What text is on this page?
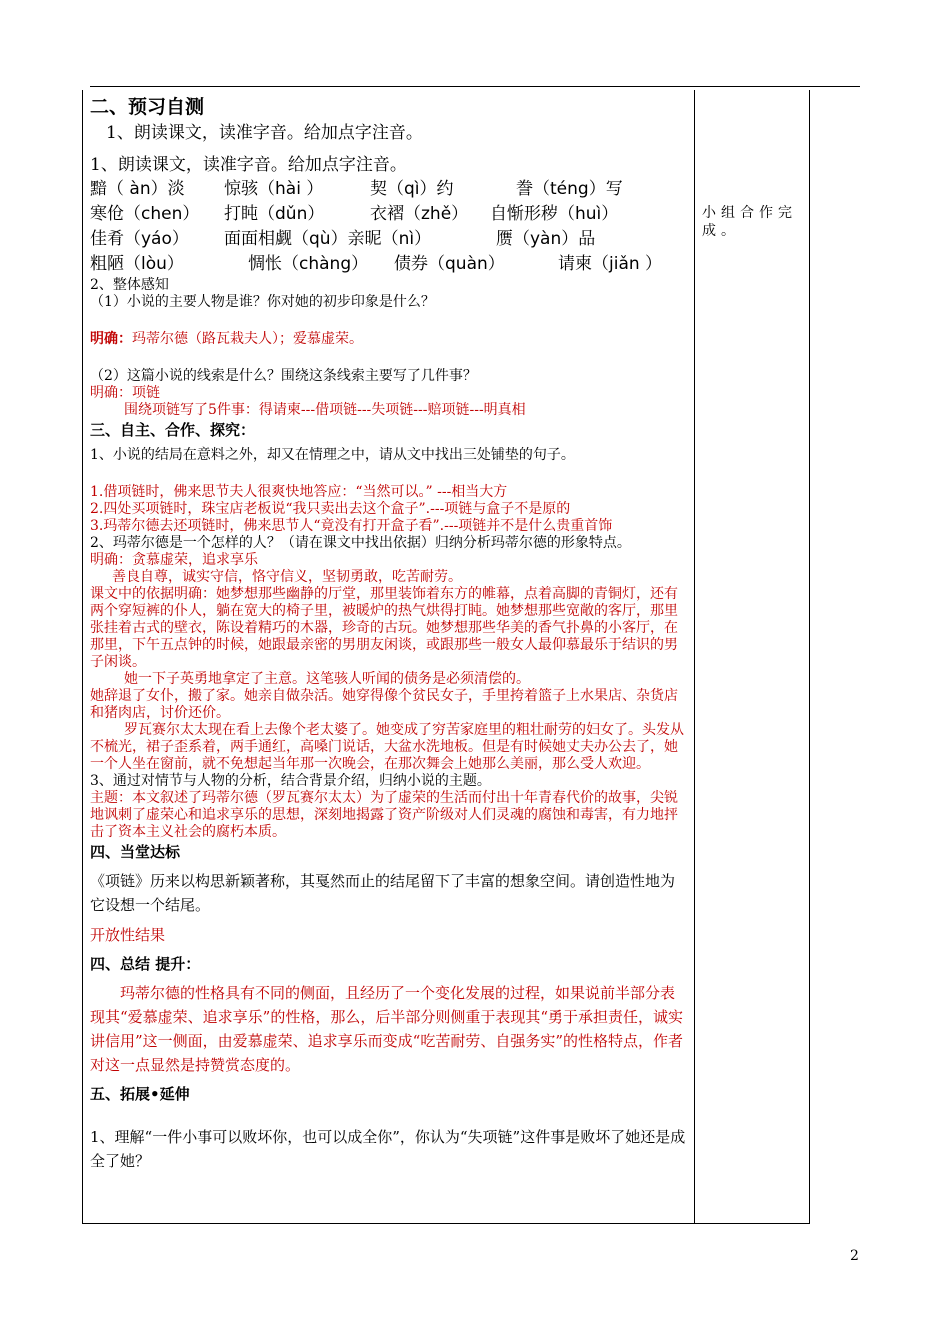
二、预习自测
1、朗读课文，读准字音。给加点字注音。
1、朗读课文，读准字音。给加点字注音。
黯（ àn）淡 惊骇（hài ）	契（qì）约	誊（téng）写
寒伧（chen） 打盹（dǔn）	衣褶（zhě） 自惭形秽（huì）
佳肴（yáo） 面面相觑（qù）亲昵（nì）	赝（yàn）品
粗陋（lòu）	惆怅（chàng） 债券（quàn）	请柬（jiǎn ）
2、整体感知
（1）小说的主要人物是谁？你对她的初步印象是什么？
明确：玛蒂尔德（路瓦栽夫人）；爱慕虚荣。
（2）这篇小说的线索是什么？围绕这条线索主要写了几件事？
明确：项链
围绕项链写了5件事：得请柬---借项链---失项链---赔项链---明真相
三、自主、合作、探究：
1、小说的结局在意料之外，却又在情理之中，请从文中找出三处铺垫的句子。
1.借项链时，佛来思节夫人很爽快地答应：“当然可以。” ---相当大方
2.四处买项链时，珠宝店老板说“我只卖出去这个盒子”.---项链与盒子不是原的
3.玛蒂尔德去还项链时，佛来思节人“竟没有打开盒子看”.---项链并不是什么贵重首饰
2、玛蒂尔德是一个怎样的人？（请在课文中找出依据）归纳分析玛蒂尔德的形象特点。
明确：贪慕虚荣，追求享乐
善良自尊，诚实守信，恪守信义，坚韧勇敢，吃苦耐劳。
课文中的依据明确：她梦想那些幽静的厅堂，那里装饰着东方的帷幕，点着高脚的青铜灯，还有两个穿短裤的仆人，躺在宽大的椅子里，被暖炉的热气烘得打盹。她梦想那些宽敞的客厅，那里张挂着古式的壁衣，陈设着精巧的木器，珍奇的古玩。她梦想那些华美的香气扑鼻的小客厅，在那里，下午五点钟的时候，她跟最亲密的男朋友闲谈，或跟那些一般女人最仰慕最乐于结识的男子闲谈。
她一下子英勇地拿定了主意。这笔骇人听闻的债务是必须清偿的。
她辞退了女仆，搬了家。她亲自做杂活。她穿得像个贫民女子，手里挎着篮子上水果店、杂货店和猪肉店，讨价还价。
罗瓦赛尔太太现在看上去像个老太婆了。她变成了穷苦家庭里的粗壮耐劳的妇女了。头发从不梳光，裙子歪系着，两手通红，高嗓门说话，大盆水洗地板。但是有时候她丈夫办公去了，她一个人坐在窗前，就不免想起当年那一次晚会，在那次舞会上她那么美丽，那么受人欢迎。
3、通过对情节与人物的分析，结合背景介绍，归纳小说的主题。
主题：本文叙述了玛蒂尔德（罗瓦赛尔太太）为了虚荣的生活而付出十年青春代价的故事，尖锐地讽刺了虚荣心和追求享乐的思想，深刻地揭露了资产阶级对人们灵魂的腐蚀和毒害，有力地抨击了资本主义社会的腐朽本质。
四、当堂达标
《项链》历来以构思新颖著称，其戛然而止的结尾留下了丰富的想象空间。请创造性地为它设想一个结尾。
开放性结果
四、总结 提升：
玛蒂尔德的性格具有不同的侧面，且经历了一个变化发展的过程，如果说前半部分表现其“爱慕虚荣、追求享乐”的性格，那么，后半部分则侧重于表现其“勇于承担责任，诚实讲信用”这一侧面，由爱慕虚荣、追求享乐而变成“吃苦耐劳、自强务实”的性格特点，作者对这一点显然是持赞赏态度的。
五、拓展•延伸
1、理解“一件小事可以败坏你，也可以成全你”，你认为“失项链”这件事是败坏了她还是成全了她？
小组合作完成。
2
